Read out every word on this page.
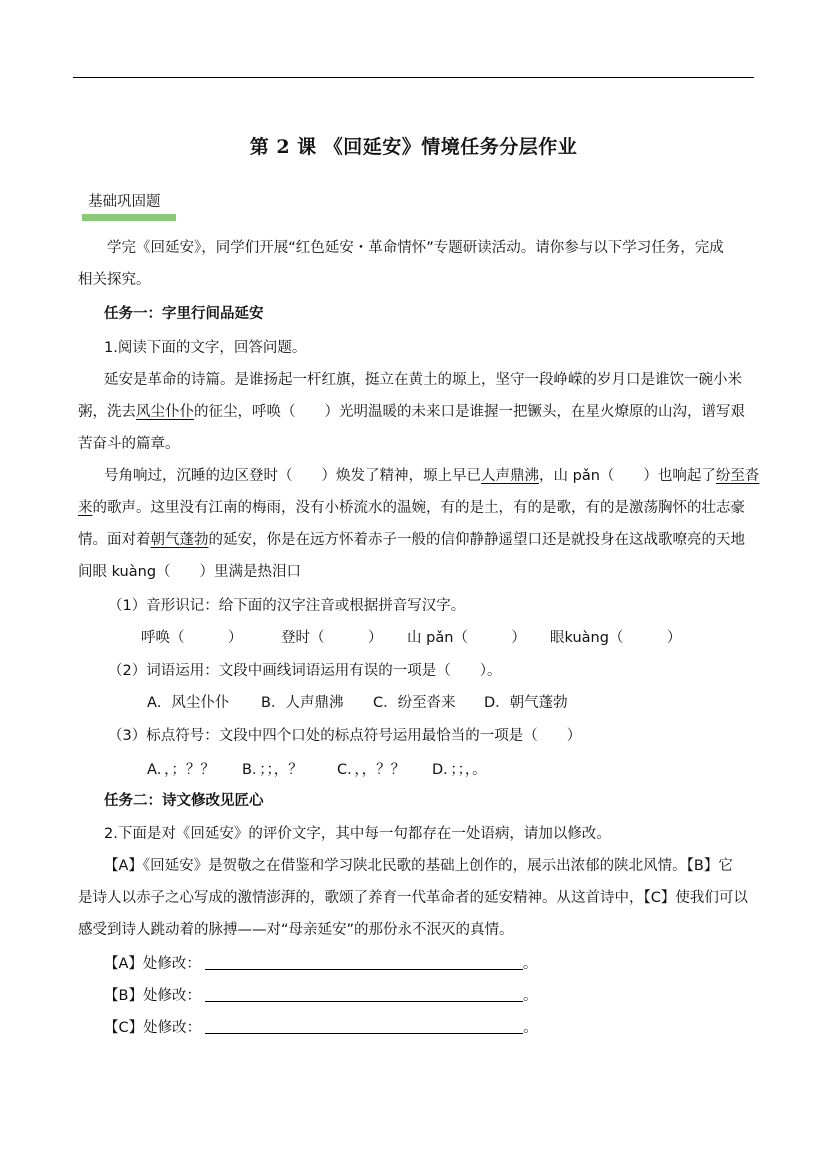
第 2 课 《回延安》情境任务分层作业
基础巩固题
学完《回延安》，同学们开展“红色延安・革命情怀”专题研读活动。请你参与以下学习任务，完成
相关探究。
任务一：字里行间品延安
1.阅读下面的文字，回答问题。
延安是革命的诗篇。是谁扬起一杆红旗，挺立在黄土的塬上，坚守一段峥嵘的岁月口是谁饮一碗小米
粥，洗去风尘仆仆的征尘，呼唤（　　）光明温暖的未来口是谁握一把镢头，在星火燎原的山沟，谱写艰
苦奋斗的篇章。
号角响过，沉睡的边区登时（　　）焕发了精神，塬上早已人声鼎沸，山 pǎn（　　）也响起了纷至沓
来的歌声。这里没有江南的梅雨，没有小桥流水的温婉，有的是土，有的是歌，有的是激荡胸怀的壮志豪
情。面对着朝气蓬勃的延安，你是在远方怀着赤子一般的信仰静静遥望口还是就投身在这战歌嘹亮的天地
间眼 kuàng（　　）里满是热泪口
（1）音形识记：给下面的汉字注音或根据拼音写汉字。
呼唤（　　　）	登时（　　　） 山 pǎn（　　　） 眼kuàng（　　　）
（2）词语运用：文段中画线词语运用有误的一项是（　　）。
A．风尘仆仆 B．人声鼎沸 C．纷至沓来 D．朝气蓬勃
（3）标点符号：文段中四个口处的标点符号运用最恰当的一项是（　　）
A．，；？？ B．；；，？ C．，，？？ D．；；，。
任务二：诗文修改见匠心
2.下面是对《回延安》的评价文字，其中每一句都存在一处语病，请加以修改。
【A】《回延安》是贺敬之在借鉴和学习陕北民歌的基础上创作的，展示出浓郁的陕北风情。【B】它
是诗人以赤子之心写成的激情澎湃的，歌颂了养育一代革命者的延安精神。从这首诗中，【C】使我们可以
感受到诗人跳动着的脉搏——对“母亲延安”的那份永不泯灭的真情。
【A】处修改：	。
【B】处修改：	。
【C】处修改：	。
